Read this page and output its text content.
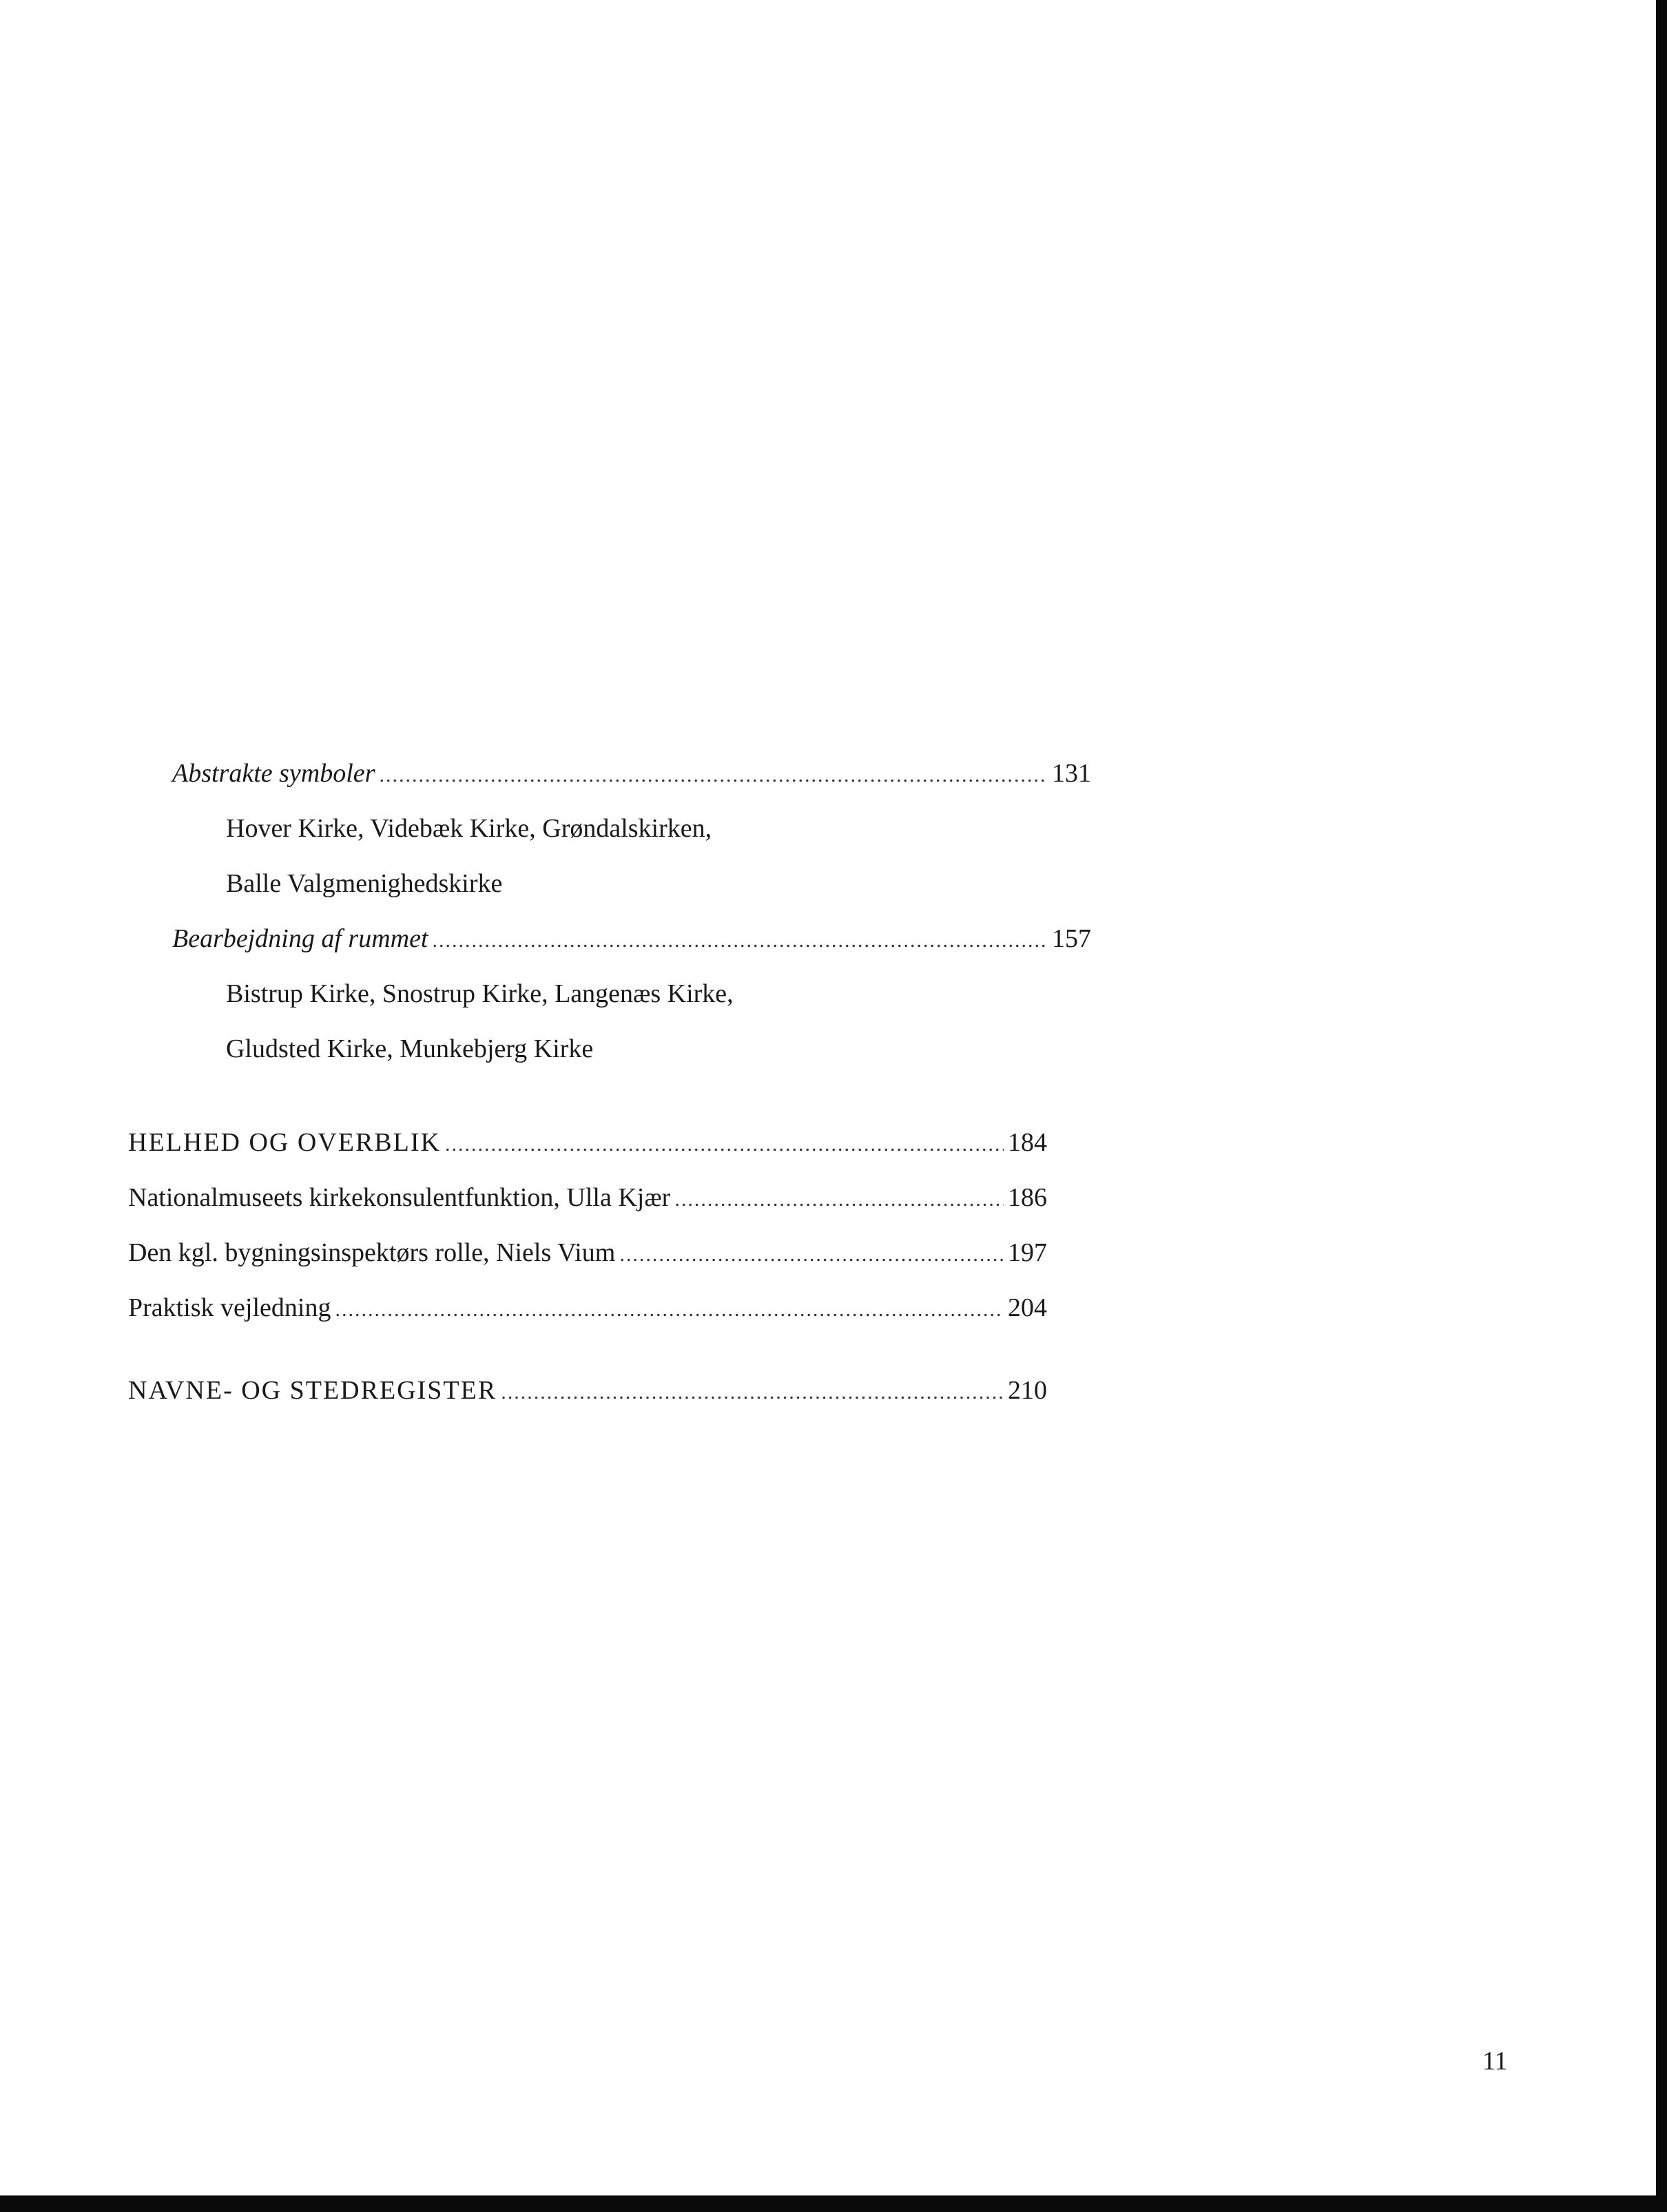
Abstrakte symboler .....	131
Hover Kirke, Videbæk Kirke, Grøndalskirken,
Balle Valgmenighedskirke
Bearbejdning af rummet .....	157
Bistrup Kirke, Snostrup Kirke, Langenæs Kirke,
Gludsted Kirke, Munkebjerg Kirke
HELHED OG OVERBLIK .....	184
Nationalmuseets kirkekonsulentfunktion, Ulla Kjær .....	186
Den kgl. bygningsinspektørs rolle, Niels Vium .....	197
Praktisk vejledning .....	204
NAVNE- OG STEDREGISTER .....	210
11
